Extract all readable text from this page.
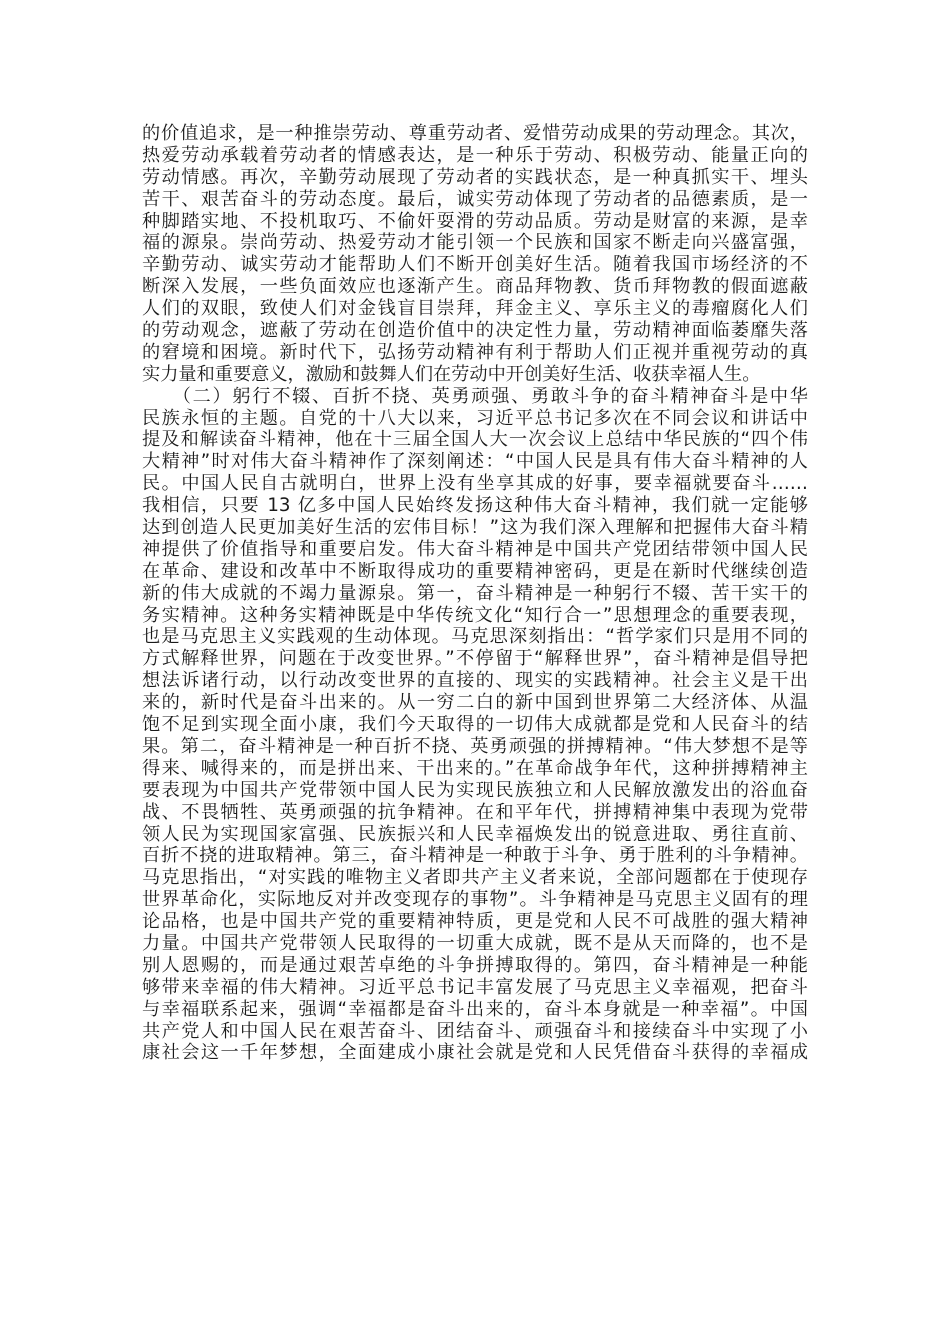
的价值追求，是一种推崇劳动、尊重劳动者、爱惜劳动成果的劳动理念。其次，
热爱劳动承载着劳动者的情感表达，是一种乐于劳动、积极劳动、能量正向的
劳动情感。再次，辛勤劳动展现了劳动者的实践状态，是一种真抓实干、埋头
苦干、艰苦奋斗的劳动态度。最后，诚实劳动体现了劳动者的品德素质，是一
种脚踏实地、不投机取巧、不偷奸耍滑的劳动品质。劳动是财富的来源，是幸
福的源泉。崇尚劳动、热爱劳动才能引领一个民族和国家不断走向兴盛富强，
辛勤劳动、诚实劳动才能帮助人们不断开创美好生活。随着我国市场经济的不
断深入发展，一些负面效应也逐渐产生。商品拜物教、货币拜物教的假面遮蔽
人们的双眼，致使人们对金钱盲目崇拜，拜金主义、享乐主义的毒瘤腐化人们
的劳动观念，遮蔽了劳动在创造价值中的决定性力量，劳动精神面临萎靡失落
的窘境和困境。新时代下，弘扬劳动精神有利于帮助人们正视并重视劳动的真
实力量和重要意义，激励和鼓舞人们在劳动中开创美好生活、收获幸福人生。
　　（二）躬行不辍、百折不挠、英勇顽强、勇敢斗争的奋斗精神奋斗是中华
民族永恒的主题。自党的十八大以来，习近平总书记多次在不同会议和讲话中
提及和解读奋斗精神，他在十三届全国人大一次会议上总结中华民族的“四个伟
大精神”时对伟大奋斗精神作了深刻阐述：“中国人民是具有伟大奋斗精神的人
民。中国人民自古就明白，世界上没有坐享其成的好事，要幸福就要奋斗……
我相信，只要 13 亿多中国人民始终发扬这种伟大奋斗精神，我们就一定能够
达到创造人民更加美好生活的宏伟目标！”这为我们深入理解和把握伟大奋斗精
神提供了价值指导和重要启发。伟大奋斗精神是中国共产党团结带领中国人民
在革命、建设和改革中不断取得成功的重要精神密码，更是在新时代继续创造
新的伟大成就的不竭力量源泉。第一，奋斗精神是一种躬行不辍、苦干实干的
务实精神。这种务实精神既是中华传统文化“知行合一”思想理念的重要表现，
也是马克思主义实践观的生动体现。马克思深刻指出：“哲学家们只是用不同的
方式解释世界，问题在于改变世界。”不停留于“解释世界”，奋斗精神是倡导把
想法诉诸行动，以行动改变世界的直接的、现实的实践精神。社会主义是干出
来的，新时代是奋斗出来的。从一穷二白的新中国到世界第二大经济体、从温
饱不足到实现全面小康，我们今天取得的一切伟大成就都是党和人民奋斗的结
果。第二，奋斗精神是一种百折不挠、英勇顽强的拼搏精神。“伟大梦想不是等
得来、喊得来的，而是拼出来、干出来的。”在革命战争年代，这种拼搏精神主
要表现为中国共产党带领中国人民为实现民族独立和人民解放激发出的浴血奋
战、不畏牺牲、英勇顽强的抗争精神。在和平年代，拼搏精神集中表现为党带
领人民为实现国家富强、民族振兴和人民幸福焕发出的锐意进取、勇往直前、
百折不挠的进取精神。第三，奋斗精神是一种敢于斗争、勇于胜利的斗争精神。
马克思指出，“对实践的唯物主义者即共产主义者来说，全部问题都在于使现存
世界革命化，实际地反对并改变现存的事物”。斗争精神是马克思主义固有的理
论品格，也是中国共产党的重要精神特质，更是党和人民不可战胜的强大精神
力量。中国共产党带领人民取得的一切重大成就，既不是从天而降的，也不是
别人恩赐的，而是通过艰苦卓绝的斗争拼搏取得的。第四，奋斗精神是一种能
够带来幸福的伟大精神。习近平总书记丰富发展了马克思主义幸福观，把奋斗
与幸福联系起来，强调“幸福都是奋斗出来的，奋斗本身就是一种幸福”。中国
共产党人和中国人民在艰苦奋斗、团结奋斗、顽强奋斗和接续奋斗中实现了小
康社会这一千年梦想，全面建成小康社会就是党和人民凭借奋斗获得的幸福成
